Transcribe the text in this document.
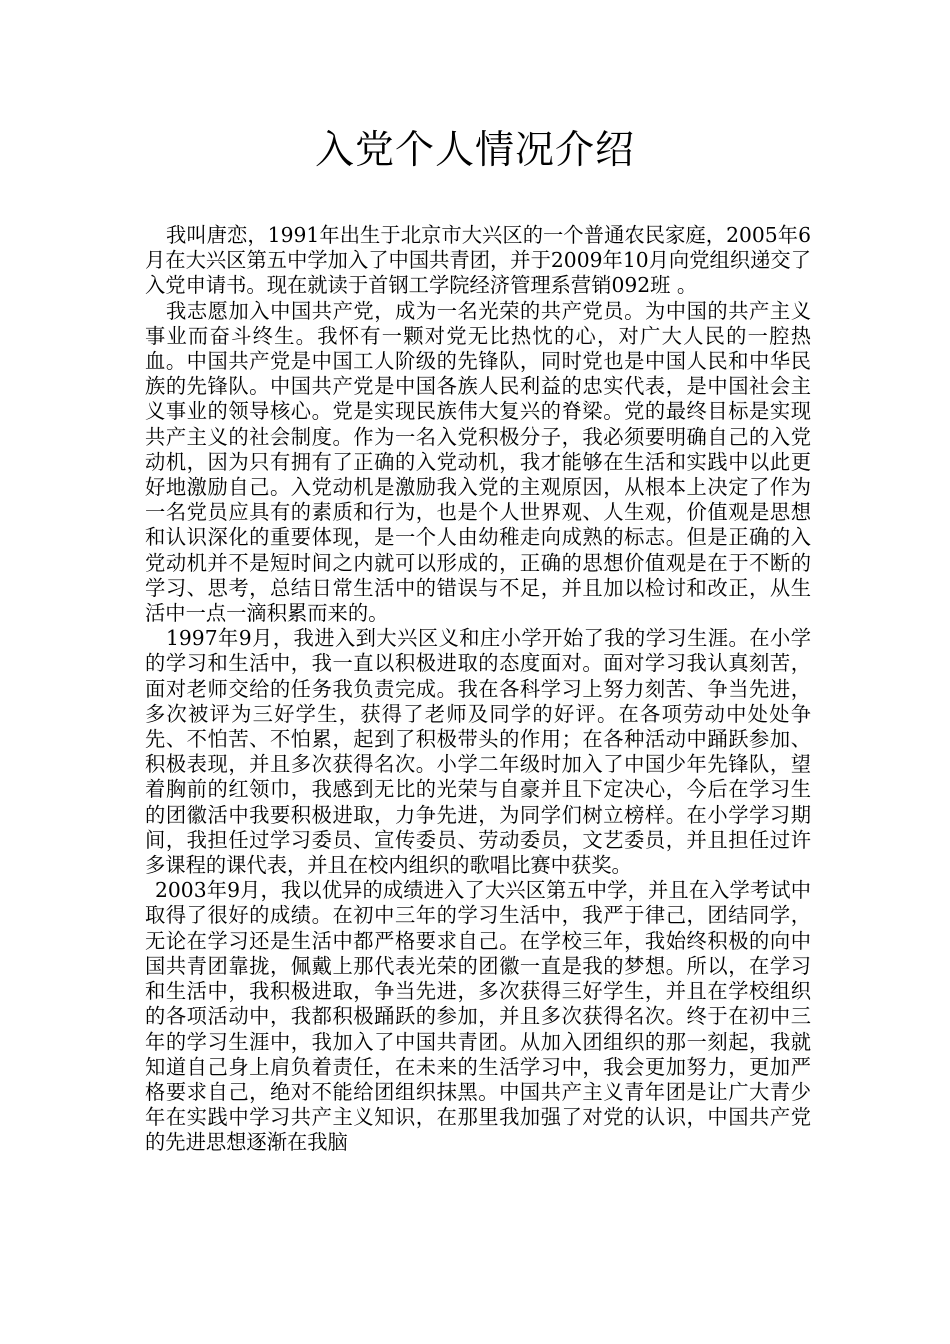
入党个人情况介绍

我叫唐恋，1991年出生于北京市大兴区的一个普通农民家庭，2005年6月在大兴区第五中学加入了中国共青团，并于2009年10月向党组织递交了入党申请书。现在就读于首钢工学院经济管理系营销092班 。

我志愿加入中国共产党，成为一名光荣的共产党员。为中国的共产主义事业而奋斗终生。我怀有一颗对党无比热忱的心，对广大人民的一腔热血。中国共产党是中国工人阶级的先锋队，同时党也是中国人民和中华民族的先锋队。中国共产党是中国各族人民利益的忠实代表，是中国社会主义事业的领导核心。党是实现民族伟大复兴的脊梁。党的最终目标是实现共产主义的社会制度。作为一名入党积极分子，我必须要明确自己的入党动机，因为只有拥有了正确的入党动机，我才能够在生活和实践中以此更好地激励自己。入党动机是激励我入党的主观原因，从根本上决定了作为一名党员应具有的素质和行为，也是个人世界观、人生观，价值观是思想和认识深化的重要体现，是一个人由幼稚走向成熟的标志。但是正确的入党动机并不是短时间之内就可以形成的，正确的思想价值观是在于不断的学习、思考，总结日常生活中的错误与不足，并且加以检讨和改正，从生活中一点一滴积累而来的。

1997年9月，我进入到大兴区义和庄小学开始了我的学习生涯。在小学的学习和生活中，我一直以积极进取的态度面对。面对学习我认真刻苦，面对老师交给的任务我负责完成。我在各科学习上努力刻苦、争当先进，多次被评为三好学生，获得了老师及同学的好评。在各项劳动中处处争先、不怕苦、不怕累，起到了积极带头的作用；在各种活动中踊跃参加、积极表现，并且多次获得名次。小学二年级时加入了中国少年先锋队，望着胸前的红领巾，我感到无比的光荣与自豪并且下定决心，今后在学习生的团徽活中我要积极进取，力争先进，为同学们树立榜样。在小学学习期间，我担任过学习委员、宣传委员、劳动委员，文艺委员，并且担任过许多课程的课代表，并且在校内组织的歌唱比赛中获奖。

2003年9月，我以优异的成绩进入了大兴区第五中学，并且在入学考试中取得了很好的成绩。在初中三年的学习生活中，我严于律己，团结同学，无论在学习还是生活中都严格要求自己。在学校三年，我始终积极的向中国共青团靠拢，佩戴上那代表光荣的团徽一直是我的梦想。所以，在学习和生活中，我积极进取，争当先进，多次获得三好学生，并且在学校组织的各项活动中，我都积极踊跃的参加，并且多次获得名次。终于在初中三年的学习生涯中，我加入了中国共青团。从加入团组织的那一刻起，我就知道自己身上肩负着责任，在未来的生活学习中，我会更加努力，更加严格要求自己，绝对不能给团组织抹黑。中国共产主义青年团是让广大青少年在实践中学习共产主义知识，在那里我加强了对党的认识，中国共产党的先进思想逐渐在我脑
